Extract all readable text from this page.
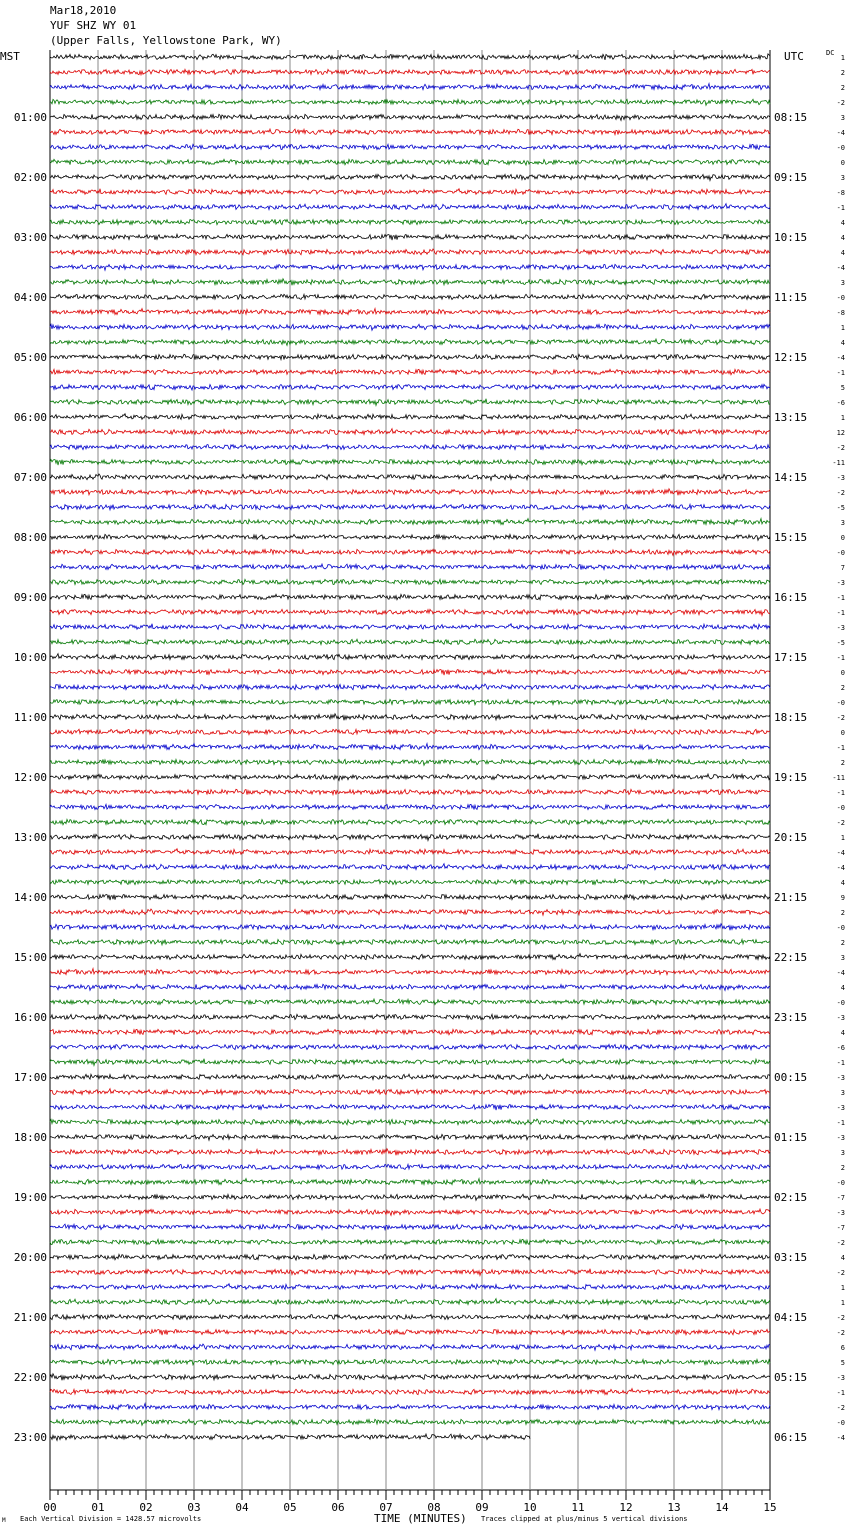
Mar18,2010
YUF SHZ WY 01
(Upper Falls, Yellowstone Park, WY)
MST	UTC	DC
01:00
02:00
03:00
04:00
05:00
06:00
07:00
08:00
09:00
10:00
11:00
12:00
13:00
14:00
15:00
16:00
17:00
18:00
19:00
20:00
21:00
22:00
23:00
08:15
09:15
10:15
11:15
12:15
13:15
14:15
15:15
16:15
17:15
18:15
19:15
20:15
21:15
22:15
23:15
00:15
01:15
02:15
03:15
04:15
05:15
06:15
1
2
2
-2
3
-4
-0
0
3
-8
-1
4
4
4
-4
3
-0
-8
1
4
-4
-1
5
-6
1
12
-2
-11
-3
-2
-5
3
0
-0
7
-3
-1
-1
-3
-5
-1
0
2
-0
-2
0
-1
2
-11
-1
-0
-2
1
-4
-4
4
9
2
-0
2
3
-4
4
-0
-3
4
-6
-1
-3
3
-3
-1
-3
3
2
-0
-7
-3
-7
-2
4
-2
1
1
-2
-2
6
5
-3
-1
-2
-0
-4
00	01	02	03	04	05	06	07	08	09	10	11	12	13	14	15
M Each Vertical Division = 1428.57 microvolts	TIME (MINUTES) Traces clipped at plus/minus 5 vertical divisions
